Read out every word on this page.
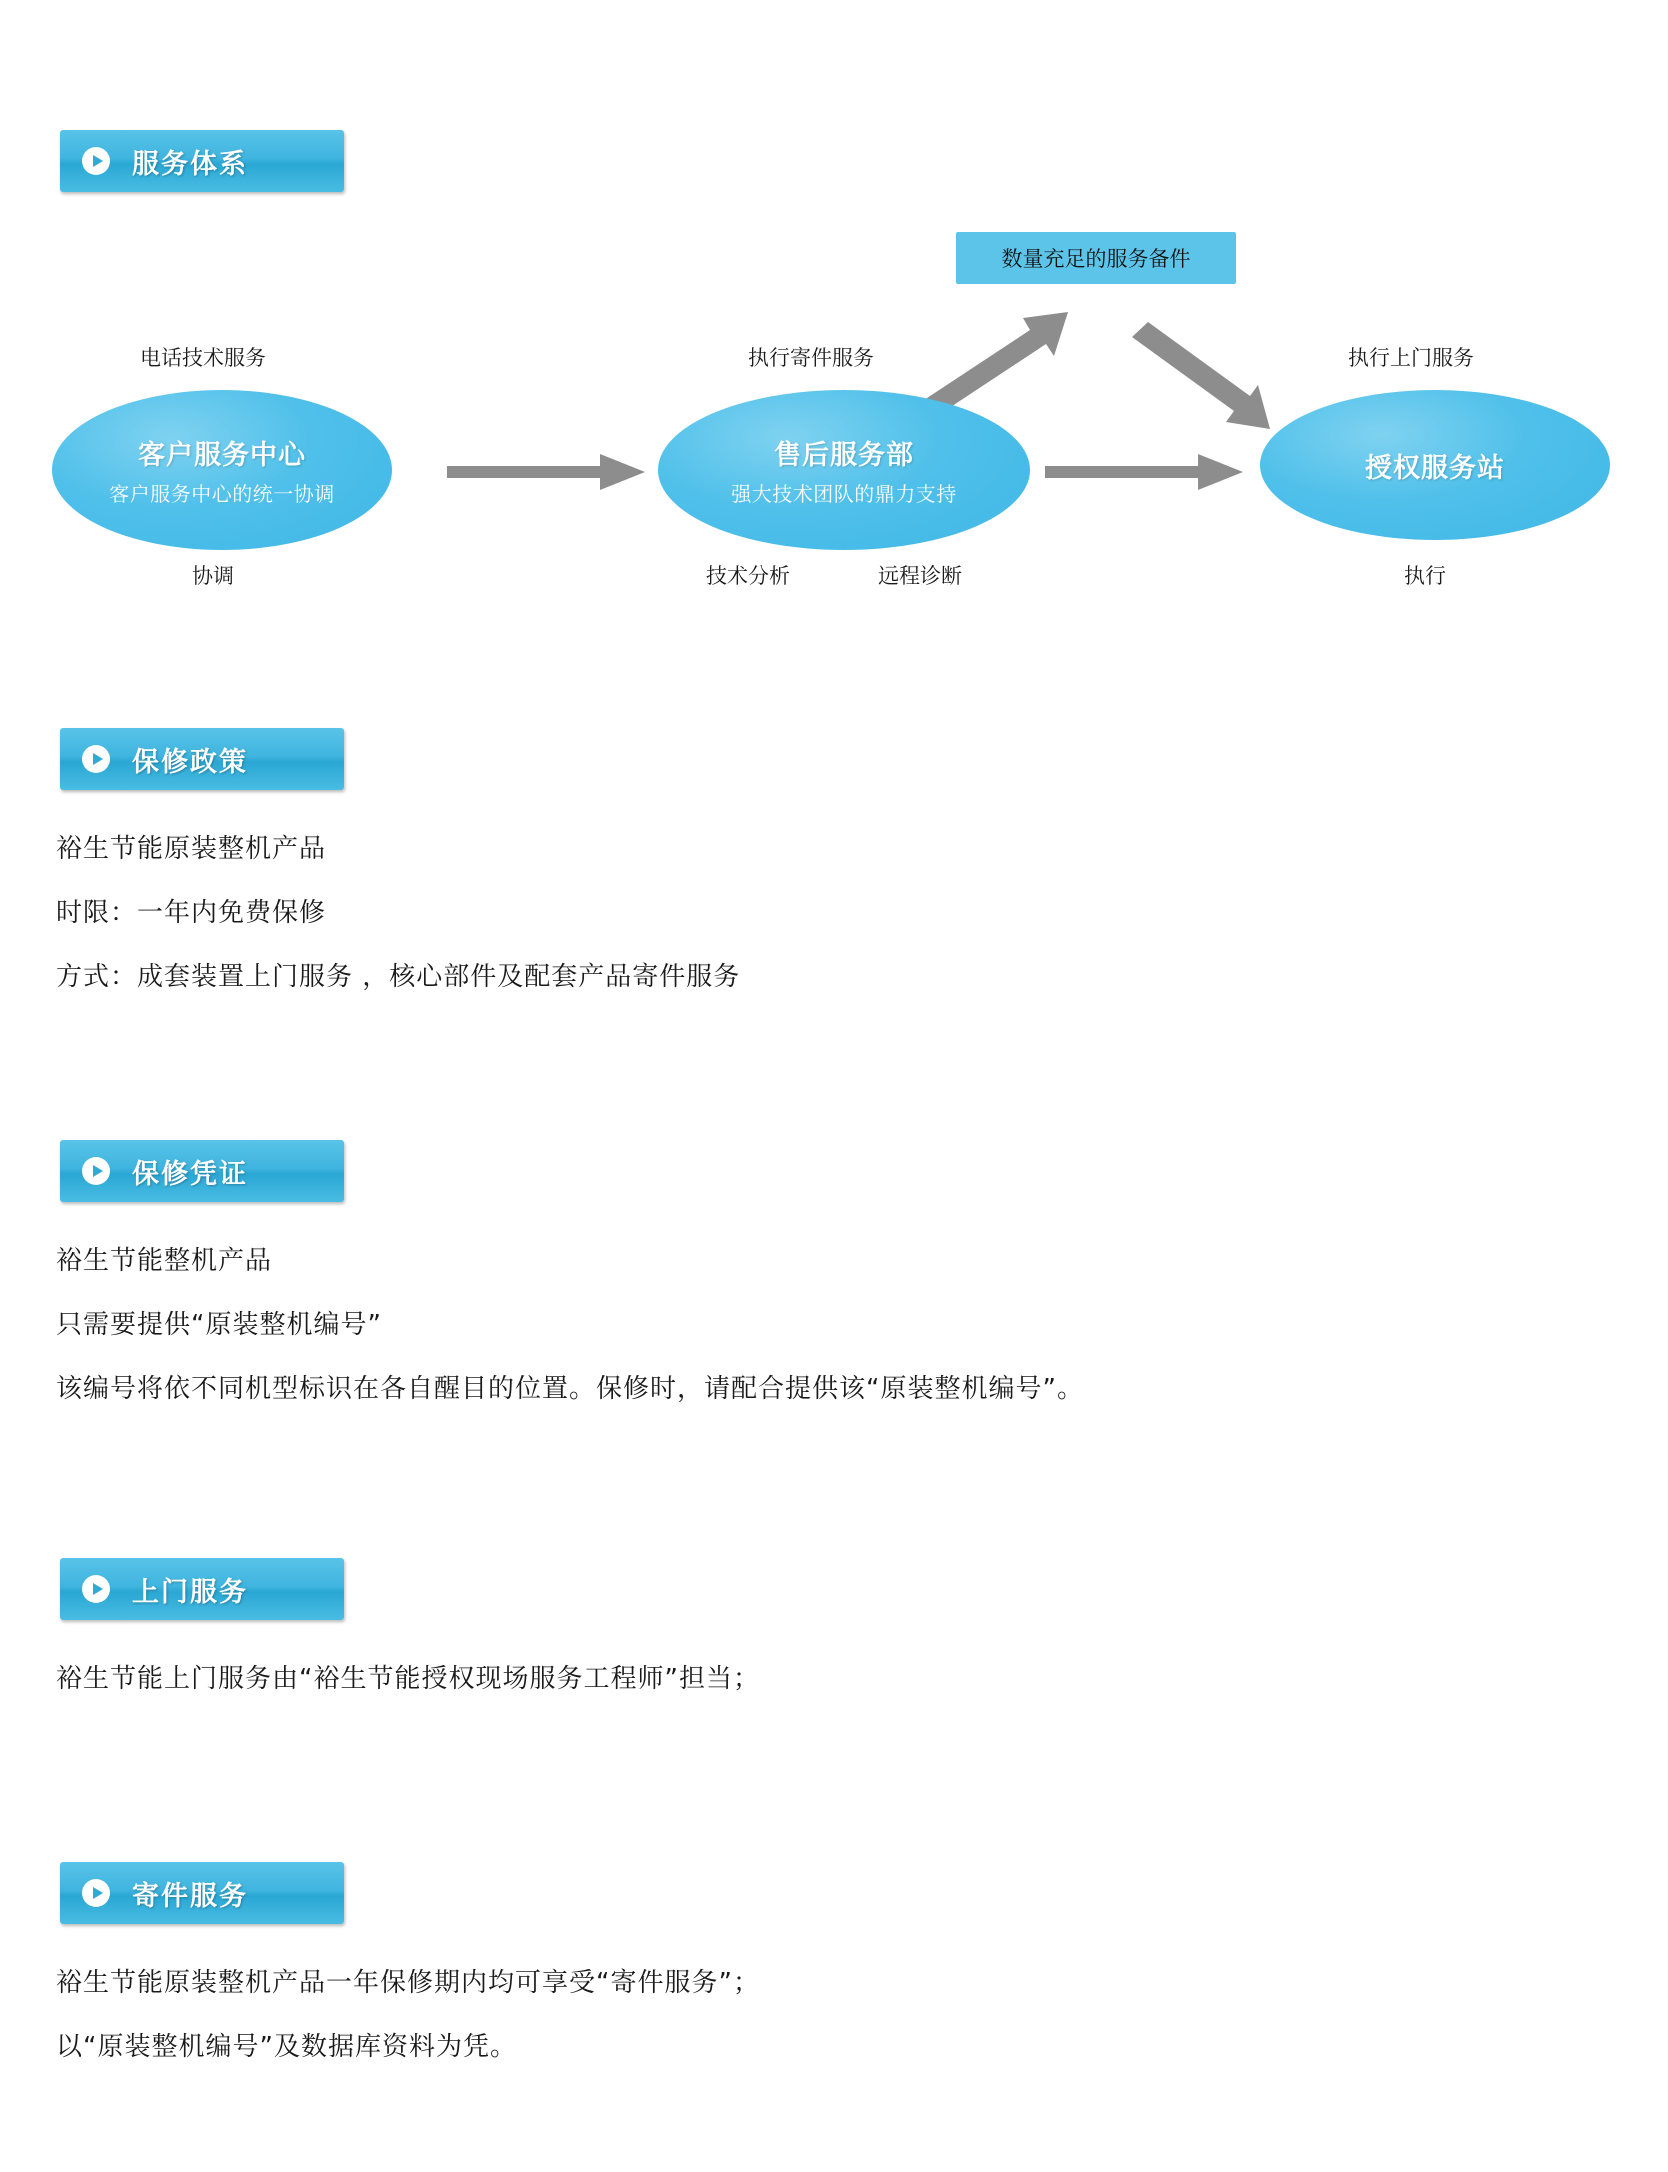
服务体系
数量充足的服务备件
电话技术服务
客户服务中心
客户服务中心的统一协调
协调
执行寄件服务
售后服务部
强大技术团队的鼎力支持
技术分析	远程诊断
执行上门服务
授权服务站
执行
保修政策
裕生节能原装整机产品
时限：一年内免费保修
方式：成套装置上门服务 ，核心部件及配套产品寄件服务
保修凭证
裕生节能整机产品
只需要提供“原装整机编号”
该编号将依不同机型标识在各自醒目的位置。保修时，请配合提供该“原装整机编号”。
上门服务
裕生节能上门服务由“裕生节能授权现场服务工程师”担当；
寄件服务
裕生节能原装整机产品一年保修期内均可享受“寄件服务”；
以“原装整机编号”及数据库资料为凭。
